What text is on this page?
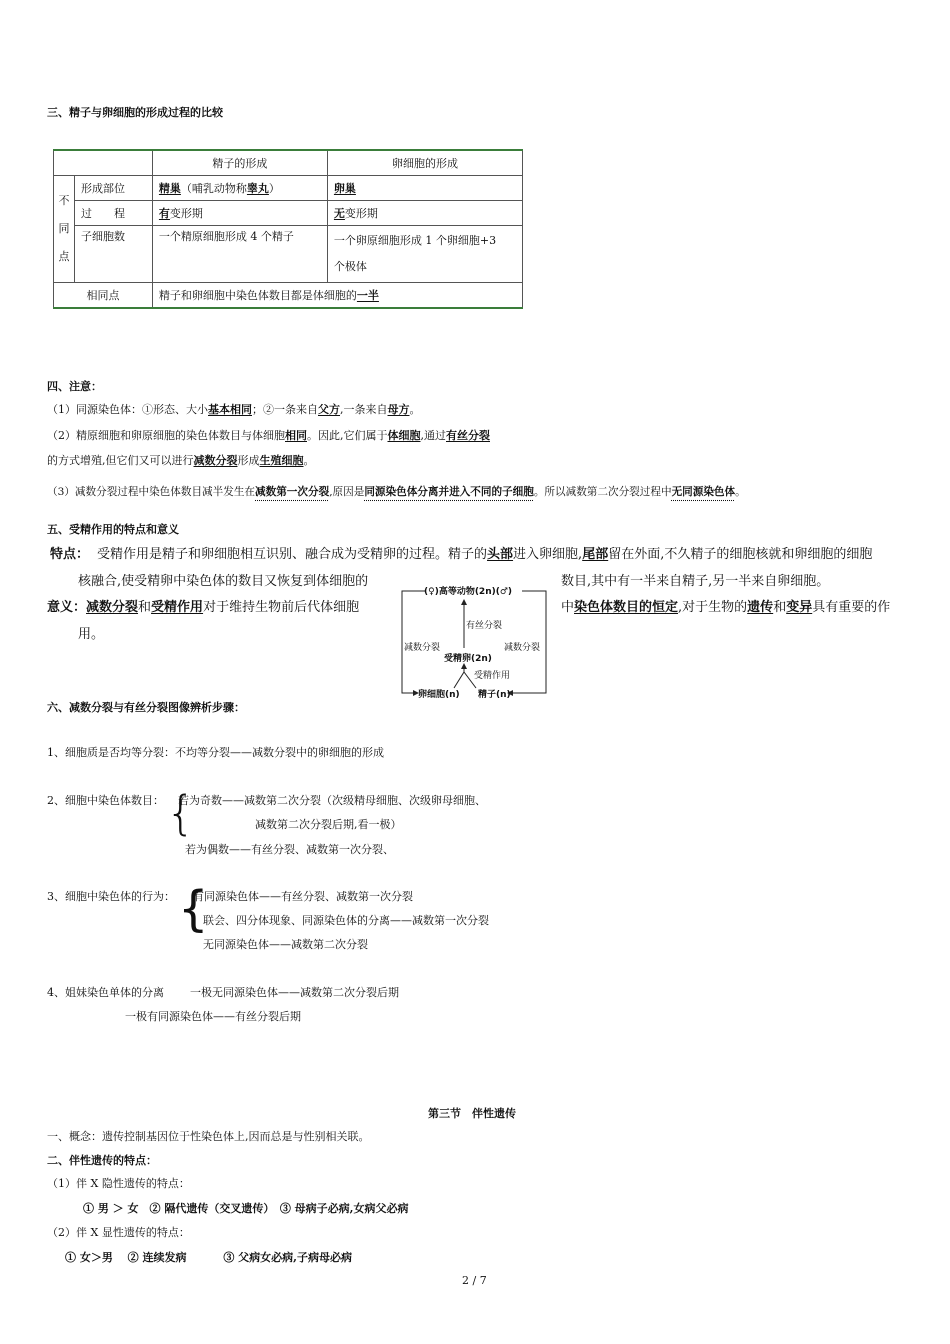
三、精子与卵细胞的形成过程的比较
		精子的形成	卵细胞的形成

不
同
点	形成部位	精巢（哺乳动物称睾丸）	卵巢
	过　　程	有变形期	无变形期
	子细胞数	一个精原细胞形成 4 个精子	一个卵原细胞形成 1 个卵细胞+3
个极体

相同点		精子和卵细胞中染色体数目都是体细胞的一半	
四、注意：
（1）同源染色体：①形态、大小基本相同；②一条来自父方,一条来自母方。
（2）精原细胞和卵原细胞的染色体数目与体细胞相同。因此,它们属于体细胞,通过有丝分裂
的方式增殖,但它们又可以进行减数分裂形成生殖细胞。
（3）减数分裂过程中染色体数目减半发生在减数第一次分裂,原因是同源染色体分离并进入不同的子细胞。所以减数第二次分裂过程中无同源染色体。
五、受精作用的特点和意义
特点： 受精作用是精子和卵细胞相互识别、融合成为受精卵的过程。精子的头部进入卵细胞,尾部留在外面,不久精子的细胞核就和卵细胞的细胞
核融合,使受精卵中染色体的数目又恢复到体细胞的	数目,其中有一半来自精子,另一半来自卵细胞。
意义：减数分裂和受精作用对于维持生物前后代体细胞	中染色体数目的恒定,对于生物的遗传和变异具有重要的作
用。
(♀)高等动物(2n)(♂)
有丝分裂
减数分裂	减数分裂
受精卵(2n)
受精作用
卵细胞(n) 精子(n)
六、减数分裂与有丝分裂图像辨析步骤：
1、细胞质是否均等分裂：不均等分裂——减数分裂中的卵细胞的形成
2、细胞中染色体数目： {
若为奇数——减数第二次分裂（次级精母细胞、次级卵母细胞、
减数第二次分裂后期,看一极）
若为偶数——有丝分裂、减数第一次分裂、
3、细胞中染色体的行为： {
有同源染色体——有丝分裂、减数第一次分裂
联会、四分体现象、同源染色体的分离——减数第一次分裂
无同源染色体——减数第二次分裂
4、姐妹染色单体的分离 一极无同源染色体——减数第二次分裂后期
一极有同源染色体——有丝分裂后期
第三节　伴性遗传
一、概念：遗传控制基因位于性染色体上,因而总是与性别相关联。
二、伴性遗传的特点：
（1）伴 X 隐性遗传的特点：
① 男 ＞ 女　② 隔代遗传（交叉遗传）　③ 母病子必病,女病父必病
（2）伴 X 显性遗传的特点：
① 女＞男　 ② 连续发病　　　 ③ 父病女必病,子病母必病
2 / 7
